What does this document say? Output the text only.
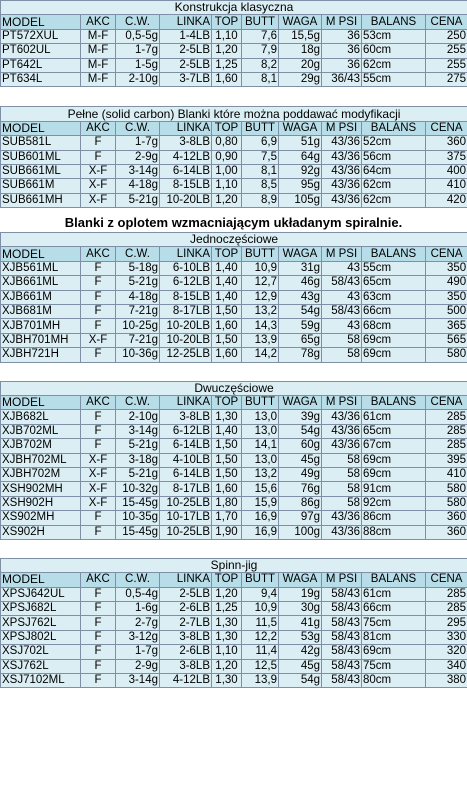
Konstrukcja klasyczna									
MODEL	AKC	C.W.	LINKA	TOP	BUTT	WAGA	M PSI	BALANS	CENA
PT572XUL	M-F	0,5-5g	1-4LB	1,10	7,6	15,5g	36	53cm	250
PT602UL	M-F	1-7g	2-5LB	1,20	7,9	18g	36	60cm	255
PT642L	M-F	1-5g	2-5LB	1,25	8,2	20g	36	62cm	255
PT634L	M-F	2-10g	3-7LB	1,60	8,1	29g	36/43	55cm	275
Pełne (solid carbon) Blanki które można poddawać modyfikacji									
MODEL	AKC	C.W.	LINKA	TOP	BUTT	WAGA	M PSI	BALANS	CENA
SUB581L	F	1-7g	3-8LB	0,80	6,9	51g	43/36	52cm	360
SUB601ML	F	2-9g	4-12LB	0,90	7,5	64g	43/36	56cm	375
SUB661ML	X-F	3-14g	6-14LB	1,00	8,1	92g	43/36	64cm	400
SUB661M	X-F	4-18g	8-15LB	1,10	8,5	95g	43/36	62cm	410
SUB661MH	X-F	5-21g	10-20LB	1,20	8,9	105g	43/36	62cm	420
Blanki z oplotem wzmacniającym układanym spiralnie.
Jednoczęściowe									
MODEL	AKC	C.W.	LINKA	TOP	BUTT	WAGA	M PSI	BALANS	CENA
XJB561ML	F	5-18g	6-10LB	1,40	10,9	31g	43	55cm	350
XJB661ML	F	5-21g	6-12LB	1,40	12,7	46g	58/43	65cm	490
XJB661M	F	4-18g	8-15LB	1,40	12,9	43g	43	63cm	350
XJB681M	F	7-21g	8-17LB	1,50	13,2	54g	58/43	66cm	500
XJB701MH	F	10-25g	10-20LB	1,60	14,3	59g	43	68cm	365
XJBH701MH	X-F	7-21g	10-20LB	1,50	13,9	65g	58	69cm	565
XJBH721H	F	10-36g	12-25LB	1,60	14,2	78g	58	69cm	580
Dwuczęściowe									
MODEL	AKC	C.W.	LINKA	TOP	BUTT	WAGA	M PSI	BALANS	CENA
XJB682L	F	2-10g	3-8LB	1,30	13,0	39g	43/36	61cm	285
XJB702ML	F	3-14g	6-12LB	1,40	13,0	54g	43/36	65cm	285
XJB702M	F	5-21g	6-14LB	1,50	14,1	60g	43/36	67cm	285
XJBH702ML	X-F	3-18g	4-10LB	1,50	13,0	45g	58	69cm	395
XJBH702M	X-F	5-21g	6-14LB	1,50	13,2	49g	58	69cm	410
XSH902MH	X-F	10-32g	8-17LB	1,60	15,6	76g	58	91cm	580
XSH902H	X-F	15-45g	10-25LB	1,80	15,9	86g	58	92cm	580
XS902MH	F	10-35g	10-17LB	1,70	16,9	97g	43/36	86cm	360
XS902H	F	15-45g	10-25LB	1,90	16,9	100g	43/36	88cm	360
Spinn-jig									
MODEL	AKC	C.W.	LINKA	TOP	BUTT	WAGA	M PSI	BALANS	CENA
XPSJ642UL	F	0,5-4g	2-5LB	1,20	9,4	19g	58/43	61cm	285
XPSJ682L	F	1-6g	2-6LB	1,25	10,9	30g	58/43	66cm	285
XPSJ762L	F	2-7g	2-7LB	1,30	11,5	41g	58/43	75cm	295
XPSJ802L	F	3-12g	3-8LB	1,30	12,2	53g	58/43	81cm	330
XSJ702L	F	1-7g	2-6LB	1,10	11,4	42g	58/43	69cm	320
XSJ762L	F	2-9g	3-8LB	1,20	12,5	45g	58/43	75cm	340
XSJ7102ML	F	3-14g	4-12LB	1,30	13,9	54g	58/43	80cm	380
